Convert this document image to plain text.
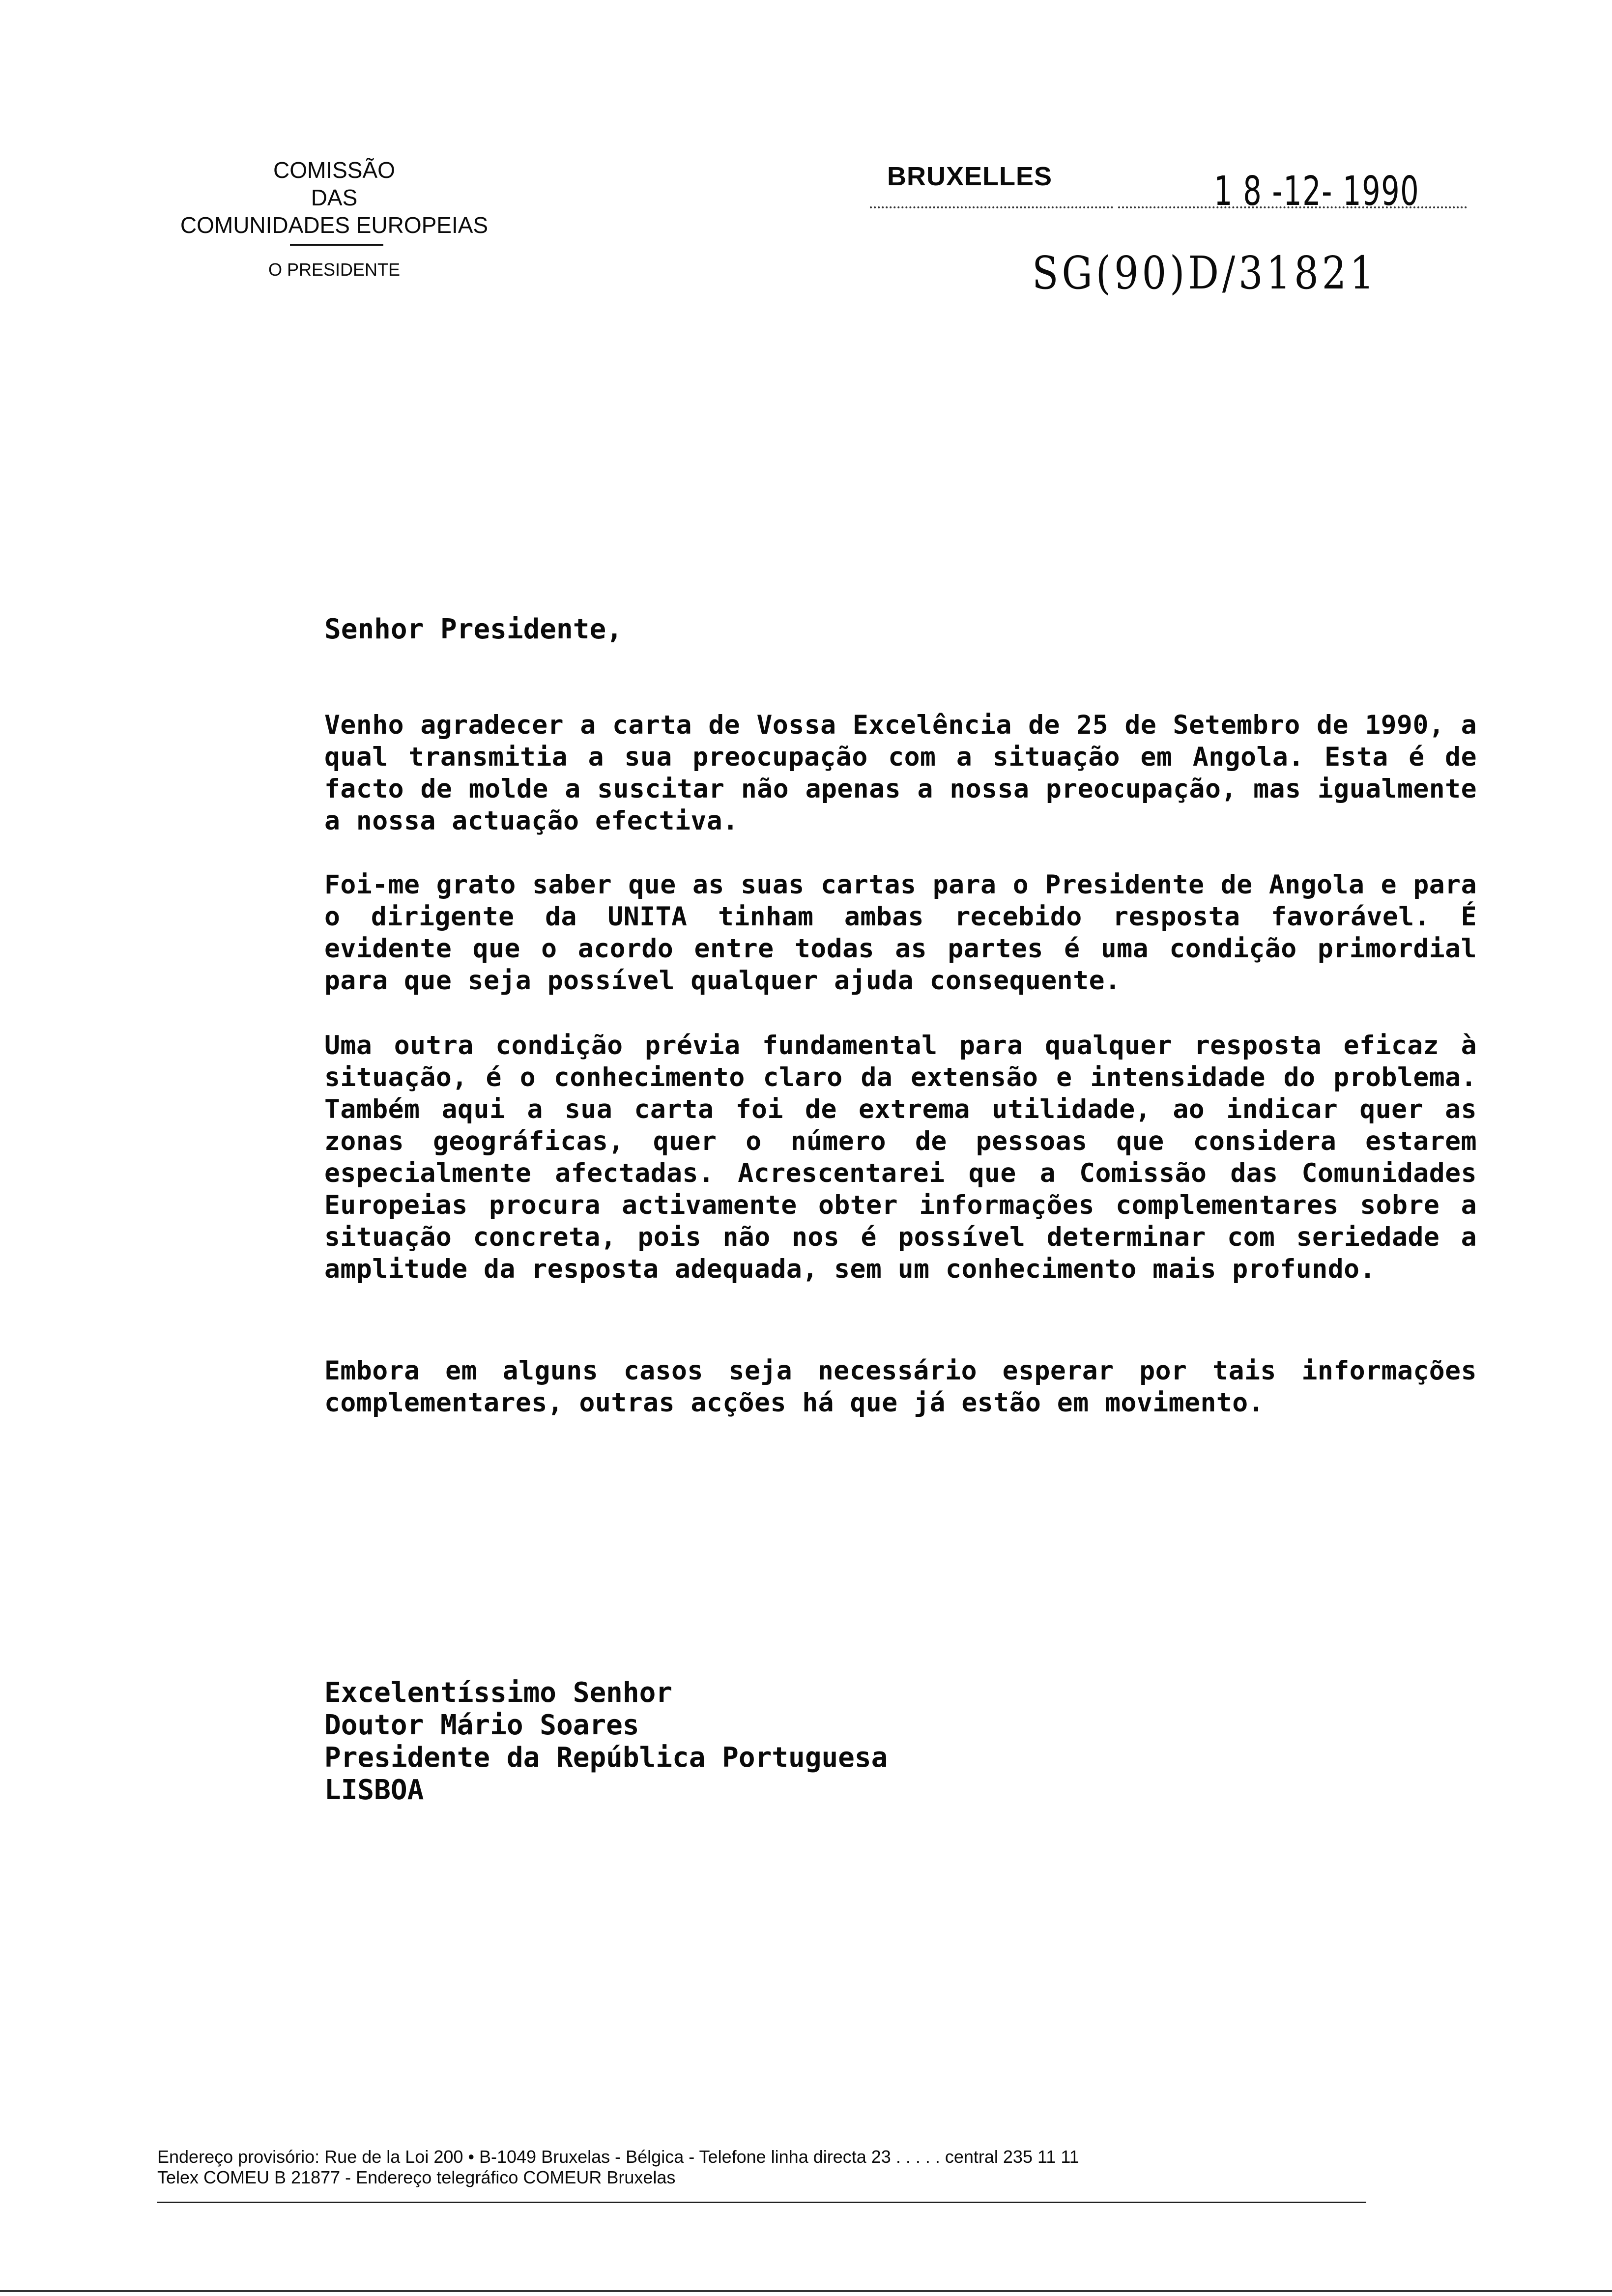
COMISSÃO
DAS
COMUNIDADES EUROPEIAS
O PRESIDENTE
BRUXELLES	1 8 -12- 1990
SG(90)D/31821
Senhor Presidente,

Venho agradecer a carta de Vossa Excelência de 25 de Setembro de 1990, a qual transmitia a sua preocupação com a situação em Angola. Esta é de facto de molde a suscitar não apenas a nossa preocupação, mas igualmente a nossa actuação efectiva.

Foi-me grato saber que as suas cartas para o Presidente de Angola e para o dirigente da UNITA tinham ambas recebido resposta favorável. É evidente que o acordo entre todas as partes é uma condição primordial para que seja possível qualquer ajuda consequente.

Uma outra condição prévia fundamental para qualquer resposta eficaz à situação, é o conhecimento claro da extensão e intensidade do problema. Também aqui a sua carta foi de extrema utilidade, ao indicar quer as zonas geográficas, quer o número de pessoas que considera estarem especialmente afectadas. Acrescentarei que a Comissão das Comunidades Europeias procura activamente obter informações complementares sobre a situação concreta, pois não nos é possível determinar com seriedade a amplitude da resposta adequada, sem um conhecimento mais profundo.

Embora em alguns casos seja necessário esperar por tais informações complementares, outras acções há que já estão em movimento.

Excelentíssimo Senhor
Doutor Mário Soares
Presidente da República Portuguesa
LISBOA
Endereço provisório: Rue de la Loi 200 • B-1049 Bruxelas - Bélgica - Telefone linha directa 23 . . . . . central 235 11 11
Telex COMEU B 21877 - Endereço telegráfico COMEUR Bruxelas
